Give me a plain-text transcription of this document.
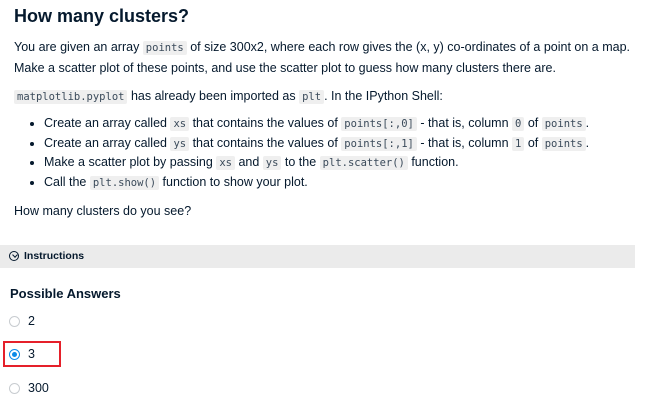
How many clusters?
You are given an array points of size 300x2, where each row gives the (x, y) co-ordinates of a point on a map. Make a scatter plot of these points, and use the scatter plot to guess how many clusters there are.
matplotlib.pyplot has already been imported as plt . In the IPython Shell:
• Create an array called xs that contains the values of points[:,0] - that is, column 0 of points .
• Create an array called ys that contains the values of points[:,1] - that is, column 1 of points .
• Make a scatter plot by passing xs and ys to the plt.scatter() function.
• Call the plt.show() function to show your plot.
How many clusters do you see?
Instructions
Possible Answers
2
3
300
